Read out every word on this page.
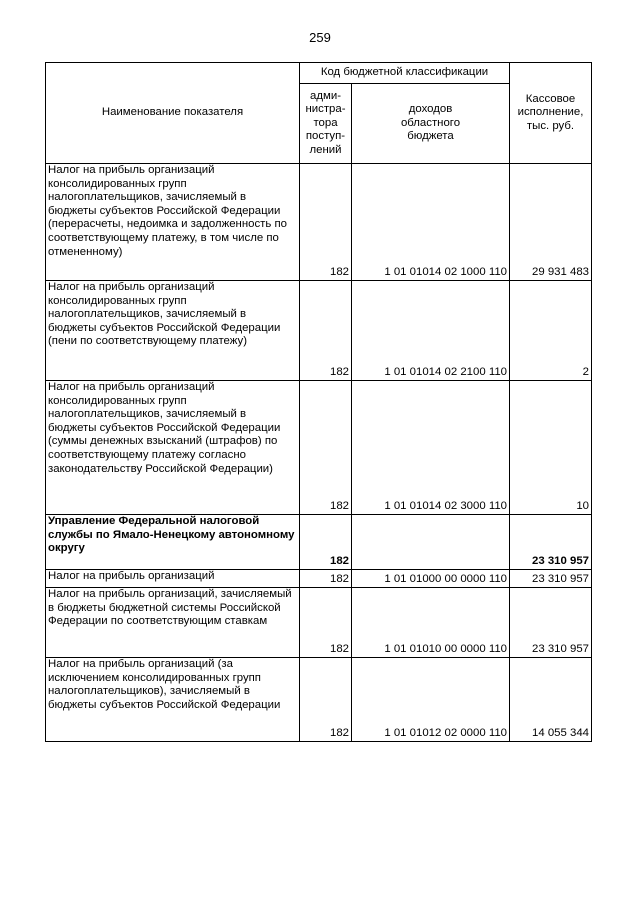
259
Наименование показателя	Код бюджетной классификации		Кассовое
исполнение,
тыс. руб.
	адми-
нистра-
тора
поступ-
лений	доходов
областного
бюджета	
Налог на прибыль организаций консолидированных групп налогоплательщиков, зачисляемый в бюджеты субъектов Российской Федерации (перерасчеты, недоимка и задолженность по соответствующему платежу, в том числе по отмененному)	182	1 01 01014 02 1000 110	29 931 483
Налог на прибыль организаций консолидированных групп налогоплательщиков, зачисляемый в бюджеты субъектов Российской Федерации (пени по соответствующему платежу)	182	1 01 01014 02 2100 110	2
Налог на прибыль организаций консолидированных групп налогоплательщиков, зачисляемый в бюджеты субъектов Российской Федерации (суммы денежных взысканий (штрафов) по соответствующему платежу согласно законодательству Российской Федерации)	182	1 01 01014 02 3000 110	10
Управление Федеральной налоговой службы по Ямало-Ненецкому автономному округу	182		23 310 957
Налог на прибыль организаций	182	1 01 01000 00 0000 110	23 310 957
Налог на прибыль организаций, зачисляемый в бюджеты бюджетной системы Российской Федерации по соответствующим ставкам	182	1 01 01010 00 0000 110	23 310 957
Налог на прибыль организаций (за исключением консолидированных групп налогоплательщиков), зачисляемый в бюджеты субъектов Российской Федерации	182	1 01 01012 02 0000 110	14 055 344
